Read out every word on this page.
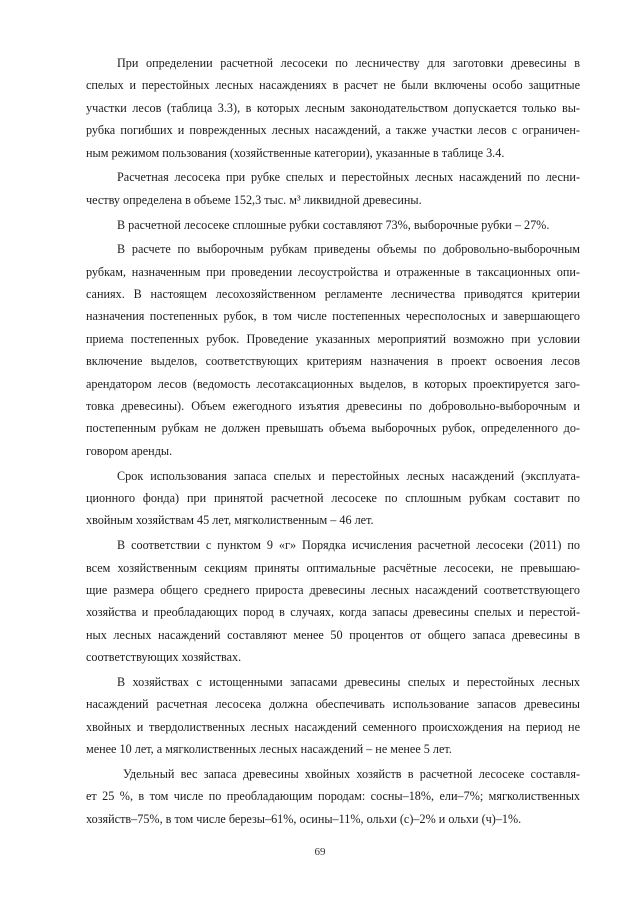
При определении расчетной лесосеки по лесничеству для заготовки древесины в
спелых и перестойных лесных насаждениях в расчет не были включены особо защитные
участки лесов (таблица 3.3), в которых лесным законодательством допускается только вы-
рубка погибших и поврежденных лесных насаждений, а также участки лесов с ограничен-
ным режимом пользования (хозяйственные категории), указанные в таблице 3.4.
Расчетная лесосека при рубке спелых и перестойных лесных насаждений по лесни-
честву определена в объеме 152,3 тыс. м³ ликвидной древесины.
В расчетной лесосеке сплошные рубки составляют 73%, выборочные рубки – 27%.
В расчете по выборочным рубкам приведены объемы по добровольно-выборочным
рубкам, назначенным при проведении лесоустройства и отраженные в таксационных опи-
саниях. В настоящем лесохозяйственном регламенте лесничества приводятся критерии
назначения постепенных рубок, в том числе постепенных чересполосных и завершающего
приема постепенных рубок. Проведение указанных мероприятий возможно при условии
включение выделов, соответствующих критериям назначения в проект освоения лесов
арендатором лесов (ведомость лесотаксационных выделов, в которых проектируется заго-
товка древесины). Объем ежегодного изъятия древесины по добровольно-выборочным и
постепенным рубкам не должен превышать объема выборочных рубок, определенного до-
говором аренды.
Срок использования запаса спелых и перестойных лесных насаждений (эксплуата-
ционного фонда) при принятой расчетной лесосеке по сплошным рубкам составит по
хвойным хозяйствам 45 лет, мягколиственным – 46 лет.
В соответствии с пунктом 9 «г» Порядка исчисления расчетной лесосеки (2011) по
всем хозяйственным секциям приняты оптимальные расчётные лесосеки, не превышаю-
щие размера общего среднего прироста древесины лесных насаждений соответствующего
хозяйства и преобладающих пород в случаях, когда запасы древесины спелых и перестой-
ных лесных насаждений составляют менее 50 процентов от общего запаса древесины в
соответствующих хозяйствах.
В хозяйствах с истощенными запасами древесины спелых и перестойных лесных
насаждений расчетная лесосека должна обеспечивать использование запасов древесины
хвойных и твердолиственных лесных насаждений семенного происхождения на период не
менее 10 лет, а мягколиственных лесных насаждений – не менее 5 лет.
Удельный вес запаса древесины хвойных хозяйств в расчетной лесосеке составля-
ет 25 %, в том числе по преобладающим породам: сосны–18%, ели–7%; мягколиственных
хозяйств–75%, в том числе березы–61%, осины–11%, ольхи (с)–2% и ольхи (ч)–1%.
69
